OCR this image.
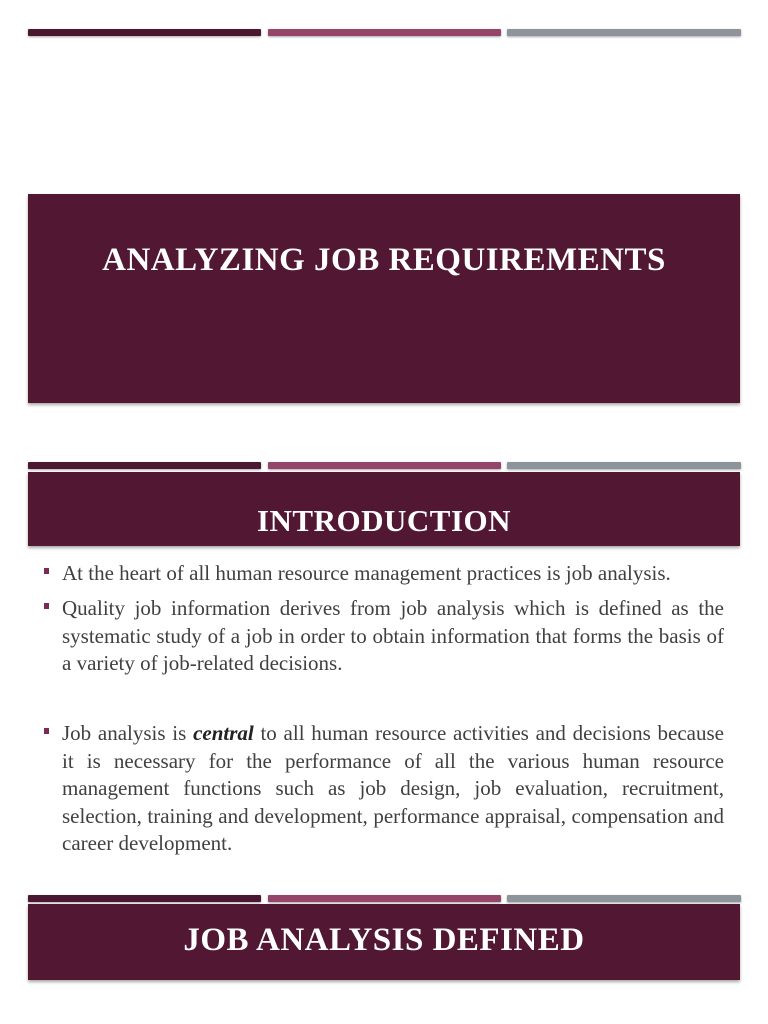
ANALYZING JOB REQUIREMENTS
INTRODUCTION
At the heart of all human resource management practices is job analysis.
Quality job information derives from job analysis which is defined as the systematic study of a job in order to obtain information that forms the basis of a variety of job-related decisions.
Job analysis is central to all human resource activities and decisions because it is necessary for the performance of all the various human resource management functions such as job design, job evaluation, recruitment, selection, training and development, performance appraisal, compensation and career development.
JOB ANALYSIS DEFINED
